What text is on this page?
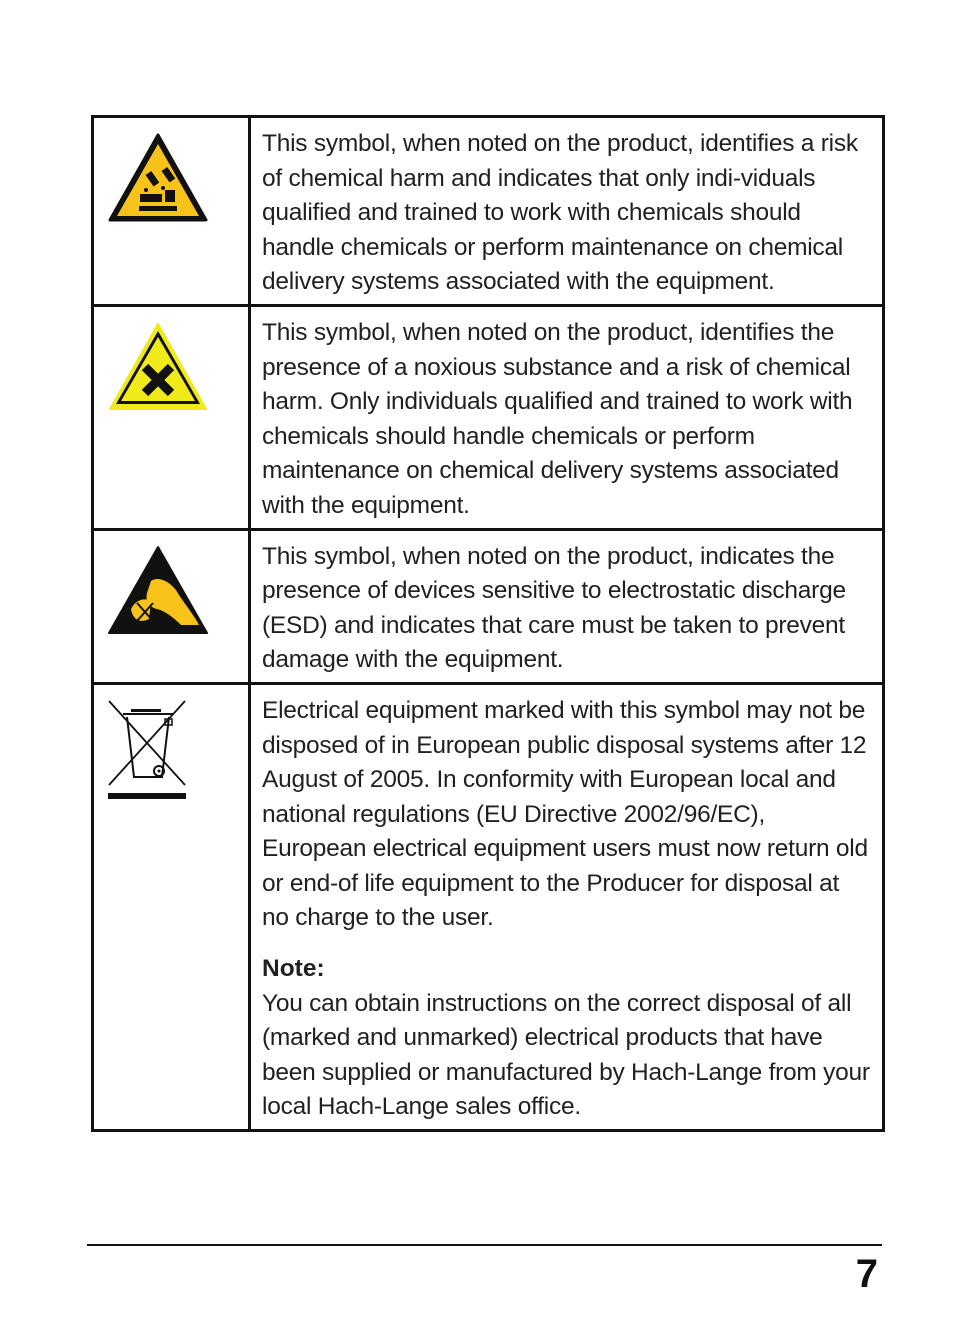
This symbol, when noted on the product, identifies a risk of chemical harm and indicates that only indi-viduals qualified and trained to work with chemicals should handle chemicals or perform maintenance on chemical delivery systems associated with the equipment.

This symbol, when noted on the product, identifies the presence of a noxious substance and a risk of chemical harm. Only individuals qualified and trained to work with chemicals should handle chemicals or perform maintenance on chemical delivery systems associated with the equipment.

This symbol, when noted on the product, indicates the presence of devices sensitive to electrostatic discharge (ESD) and indicates that care must be taken to prevent damage with the equipment.

Electrical equipment marked with this symbol may not be disposed of in European public disposal systems after 12 August of 2005. In conformity with European local and national regulations (EU Directive 2002/96/EC), European electrical equipment users must now return old or end-of life equipment to the Producer for disposal at no charge to the user.

Note:

You can obtain instructions on the correct disposal of all (marked and unmarked) electrical products that have been supplied or manufactured by Hach-Lange from your local Hach-Lange sales office.

7
